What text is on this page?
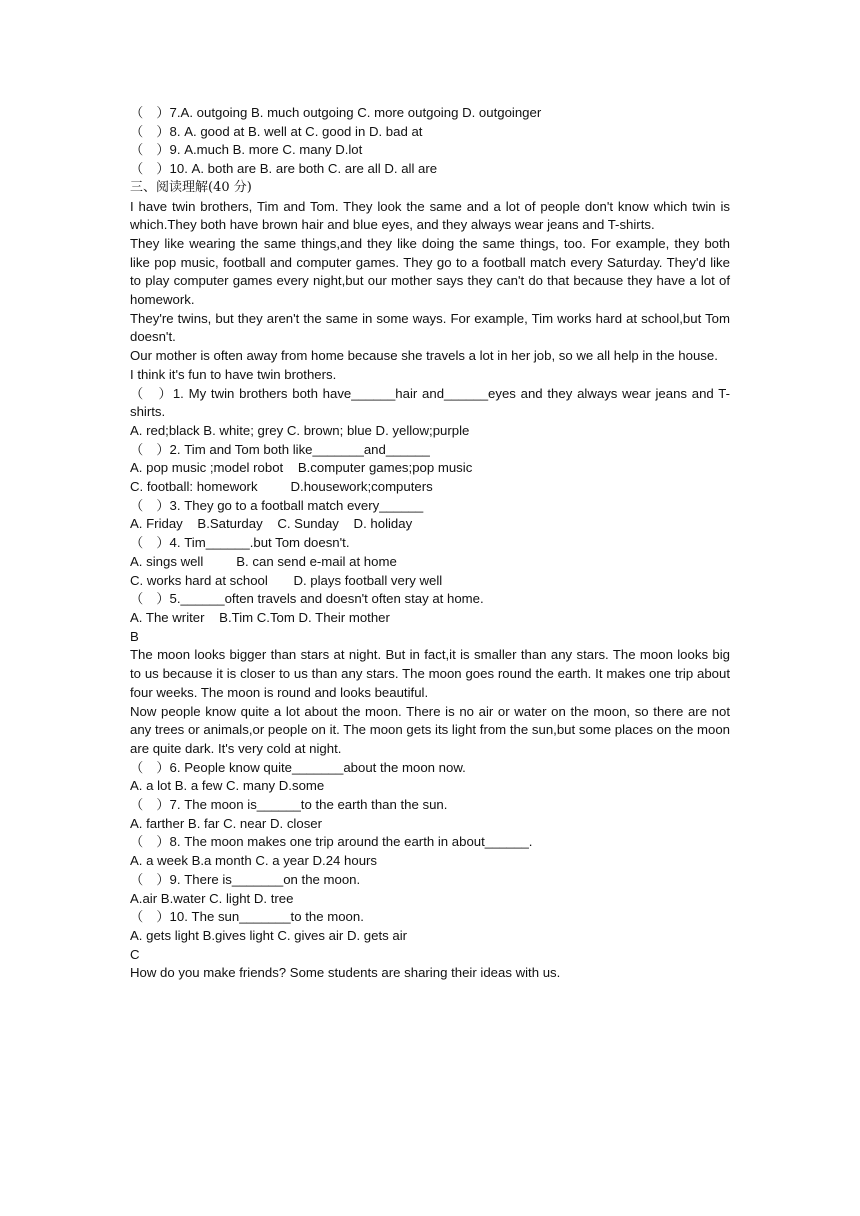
（　）7.A. outgoing B. much outgoing C. more outgoing D. outgoinger

（　）8. A. good at B. well at C. good in D. bad at

（　）9. A.much B. more C. many D.lot

（　）10. A. both are B. are both C. are all D. all are

三、阅读理解(40 分)

I have twin brothers, Tim and Tom. They look the same and a lot of people don't know which twin is which.They both have brown hair and blue eyes, and they always wear jeans and T-shirts.

They like wearing the same things,and they like doing the same things, too. For example, they both like pop music, football and computer games. They go to a football match every Saturday. They'd like to play computer games every night,but our mother says they can't do that because they have a lot of homework.

They're twins, but they aren't the same in some ways. For example, Tim works hard at school,but Tom doesn't.

Our mother is often away from home because she travels a lot in her job, so we all help in the house.

I think it's fun to have twin brothers.

（　）1. My twin brothers both have______hair and______eyes and they always wear jeans and T-shirts.

A. red;black B. white; grey C. brown; blue D. yellow;purple

（　）2. Tim and Tom both like_______and______

A. pop music ;model robot    B.computer games;pop music

C. football: homework         D.housework;computers

（　）3. They go to a football match every______

A. Friday    B.Saturday    C. Sunday    D. holiday

（　）4. Tim______.but Tom doesn't.

A. sings well         B. can send e-mail at home

C. works hard at school       D. plays football very well

（　）5.______often travels and doesn't often stay at home.

A. The writer    B.Tim C.Tom D. Their mother

B

The moon looks bigger than stars at night. But in fact,it is smaller than any stars. The moon looks big to us because it is closer to us than any stars. The moon goes round the earth. It makes one trip about four weeks. The moon is round and looks beautiful.

Now people know quite a lot about the moon. There is no air or water on the moon, so there are not any trees or animals,or people on it. The moon gets its light from the sun,but some places on the moon are quite dark. It's very cold at night.

（　）6. People know quite_______about the moon now.

A. a lot B. a few C. many D.some

（　）7. The moon is______to the earth than the sun.

A. farther B. far C. near D. closer

（　）8. The moon makes one trip around the earth in about______.

A. a week B.a month C. a year D.24 hours

（　）9. There is_______on the moon.

A.air B.water C. light D. tree

（　）10. The sun_______to the moon.

A. gets light B.gives light C. gives air D. gets air

C

How do you make friends? Some students are sharing their ideas with us.
